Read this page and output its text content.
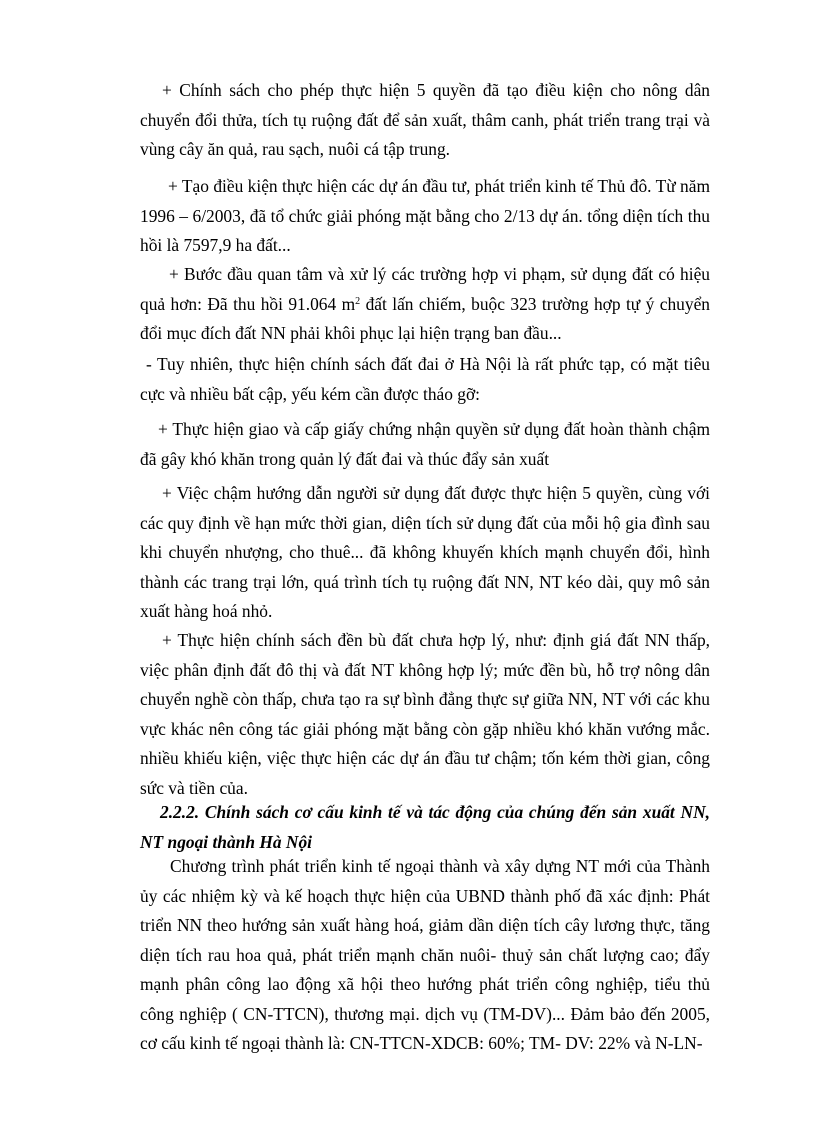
+ Chính sách cho phép thực hiện 5 quyền đã tạo điều kiện cho nông dân chuyển đổi thửa, tích tụ ruộng đất để sản xuất, thâm canh, phát triển trang trại và vùng cây ăn quả, rau sạch, nuôi cá tập trung.

+ Tạo điều kiện thực hiện các dự án đầu tư, phát triển kinh tế Thủ đô. Từ năm 1996 – 6/2003, đã tổ chức giải phóng mặt bằng cho 2/13 dự án. tổng diện tích thu hồi là 7597,9 ha đất...

+ Bước đầu quan tâm và xử lý các trường hợp vi phạm, sử dụng đất có hiệu quả hơn: Đã thu hồi 91.064 $m^2$ đất lấn chiếm, buộc 323 trường hợp tự ý chuyển đổi mục đích đất NN phải khôi phục lại hiện trạng ban đầu...

- Tuy nhiên, thực hiện chính sách đất đai ở Hà Nội là rất phức tạp, có mặt tiêu cực và nhiều bất cập, yếu kém cần được tháo gỡ:

+ Thực hiện giao và cấp giấy chứng nhận quyền sử dụng đất hoàn thành chậm đã gây khó khăn trong quản lý đất đai và thúc đẩy sản xuất

+ Việc chậm hướng dẫn người sử dụng đất được thực hiện 5 quyền, cùng với các quy định về hạn mức thời gian, diện tích sử dụng đất của mỗi hộ gia đình sau khi chuyển nhượng, cho thuê... đã không khuyến khích mạnh chuyển đổi, hình thành các trang trại lớn, quá trình tích tụ ruộng đất NN, NT kéo dài, quy mô sản xuất hàng hoá nhỏ.

+ Thực hiện chính sách đền bù đất chưa hợp lý, như: định giá đất NN thấp, việc phân định đất đô thị và đất NT không hợp lý; mức đền bù, hỗ trợ nông dân chuyển nghề còn thấp, chưa tạo ra sự bình đẳng thực sự giữa NN, NT với các khu vực khác nên công tác giải phóng mặt bằng còn gặp nhiều khó khăn vướng mắc. nhiều khiếu kiện, việc thực hiện các dự án đầu tư chậm; tốn kém thời gian, công sức và tiền của.

2.2.2. Chính sách cơ cấu kinh tế và tác động của chúng đến sản xuất NN, NT ngoại thành Hà Nội

Chương trình phát triển kinh tế ngoại thành và xây dựng NT mới của Thành ủy các nhiệm kỳ và kế hoạch thực hiện của UBND thành phố đã xác định: Phát triển NN theo hướng sản xuất hàng hoá, giảm dần diện tích cây lương thực, tăng diện tích rau hoa quả, phát triển mạnh chăn nuôi- thuỷ sản chất lượng cao; đẩy mạnh phân công lao động xã hội theo hướng phát triển công nghiệp, tiểu thủ công nghiệp ( CN-TTCN), thương mại. dịch vụ (TM-DV)... Đảm bảo đến 2005, cơ cấu kinh tế ngoại thành là: CN-TTCN-XDCB: 60%; TM- DV: 22% và N-LN-
